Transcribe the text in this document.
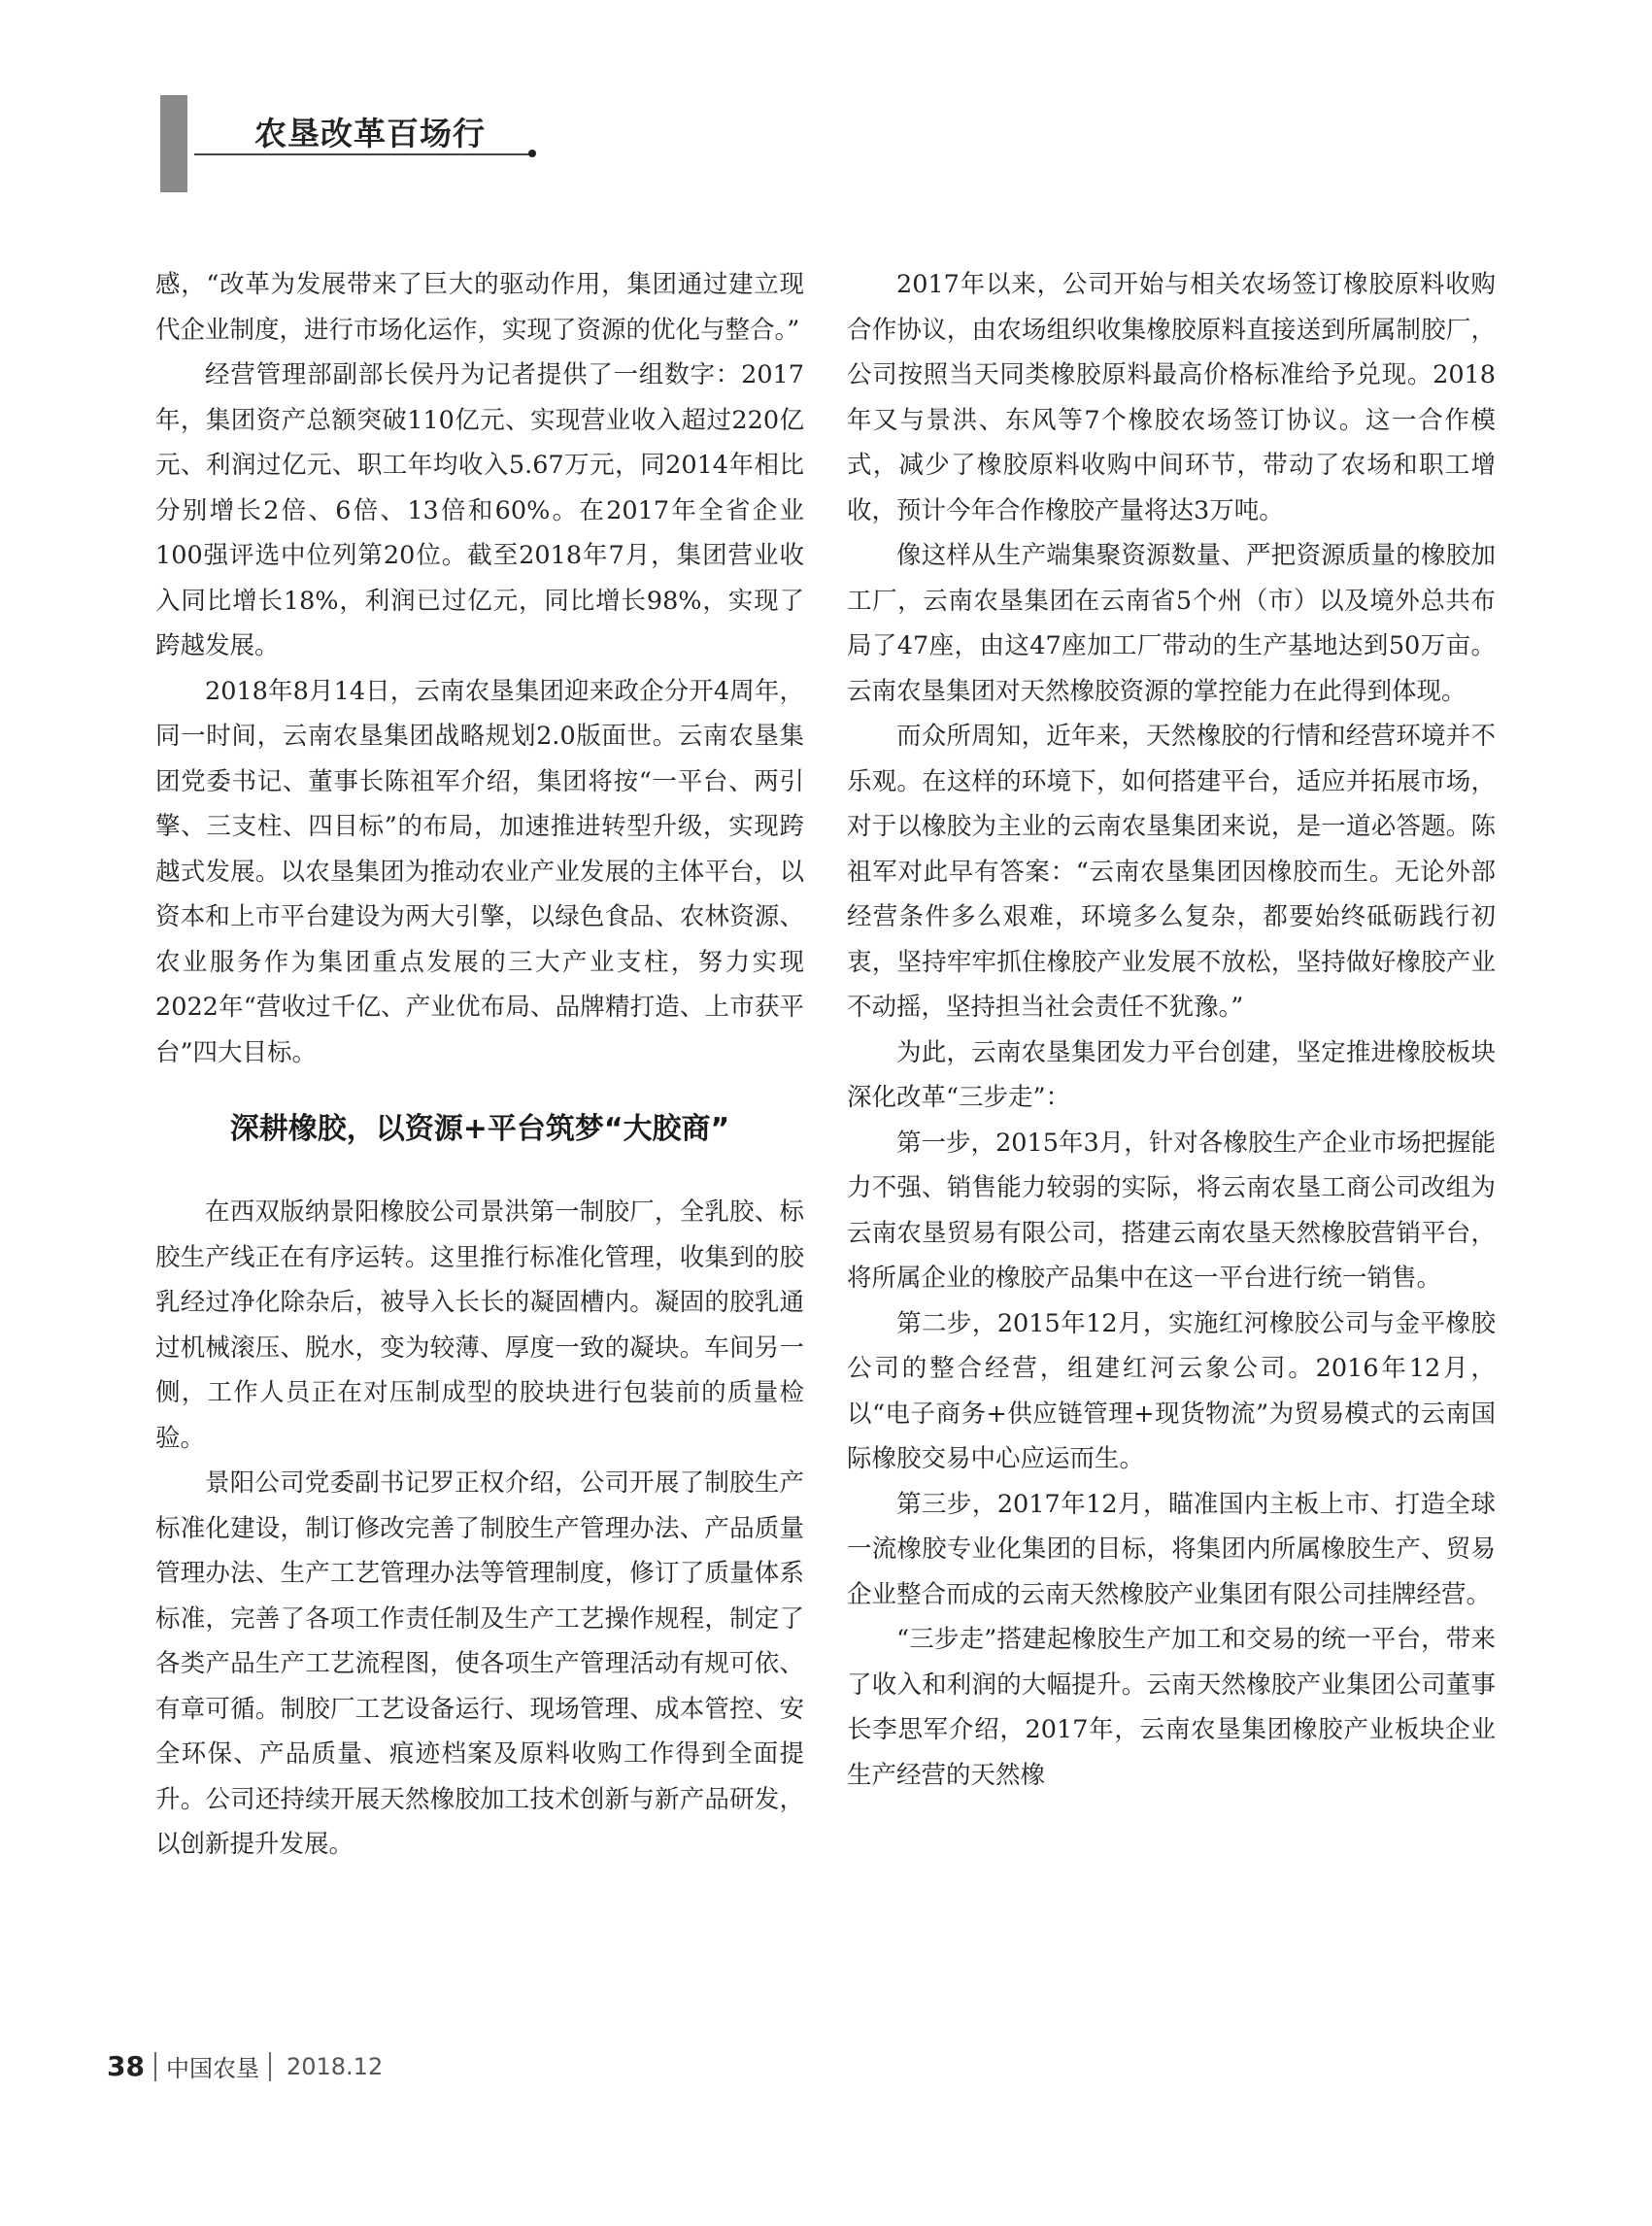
农垦改革百场行

感，“改革为发展带来了巨大的驱动作用，集团通过建立现代企业制度，进行市场化运作，实现了资源的优化与整合。”

经营管理部副部长侯丹为记者提供了一组数字：2017年，集团资产总额突破110亿元、实现营业收入超过220亿元、利润过亿元、职工年均收入5.67万元，同2014年相比分别增长2倍、6倍、13倍和60%。在2017年全省企业100强评选中位列第20位。截至2018年7月，集团营业收入同比增长18%，利润已过亿元，同比增长98%，实现了跨越发展。

2018年8月14日，云南农垦集团迎来政企分开4周年，同一时间，云南农垦集团战略规划2.0版面世。云南农垦集团党委书记、董事长陈祖军介绍，集团将按“一平台、两引擎、三支柱、四目标”的布局，加速推进转型升级，实现跨越式发展。以农垦集团为推动农业产业发展的主体平台，以资本和上市平台建设为两大引擎，以绿色食品、农林资源、农业服务作为集团重点发展的三大产业支柱，努力实现2022年“营收过千亿、产业优布局、品牌精打造、上市获平台”四大目标。

深耕橡胶，以资源+平台筑梦“大胶商”

在西双版纳景阳橡胶公司景洪第一制胶厂，全乳胶、标胶生产线正在有序运转。这里推行标准化管理，收集到的胶乳经过净化除杂后，被导入长长的凝固槽内。凝固的胶乳通过机械滚压、脱水，变为较薄、厚度一致的凝块。车间另一侧，工作人员正在对压制成型的胶块进行包装前的质量检验。

景阳公司党委副书记罗正权介绍，公司开展了制胶生产标准化建设，制订修改完善了制胶生产管理办法、产品质量管理办法、生产工艺管理办法等管理制度，修订了质量体系标准，完善了各项工作责任制及生产工艺操作规程，制定了各类产品生产工艺流程图，使各项生产管理活动有规可依、有章可循。制胶厂工艺设备运行、现场管理、成本管控、安全环保、产品质量、痕迹档案及原料收购工作得到全面提升。公司还持续开展天然橡胶加工技术创新与新产品研发，以创新提升发展。

2017年以来，公司开始与相关农场签订橡胶原料收购合作协议，由农场组织收集橡胶原料直接送到所属制胶厂，公司按照当天同类橡胶原料最高价格标准给予兑现。2018年又与景洪、东风等7个橡胶农场签订协议。这一合作模式，减少了橡胶原料收购中间环节，带动了农场和职工增收，预计今年合作橡胶产量将达3万吨。

像这样从生产端集聚资源数量、严把资源质量的橡胶加工厂，云南农垦集团在云南省5个州（市）以及境外总共布局了47座，由这47座加工厂带动的生产基地达到50万亩。云南农垦集团对天然橡胶资源的掌控能力在此得到体现。

而众所周知，近年来，天然橡胶的行情和经营环境并不乐观。在这样的环境下，如何搭建平台，适应并拓展市场，对于以橡胶为主业的云南农垦集团来说，是一道必答题。陈祖军对此早有答案：“云南农垦集团因橡胶而生。无论外部经营条件多么艰难，环境多么复杂，都要始终砥砺践行初衷，坚持牢牢抓住橡胶产业发展不放松，坚持做好橡胶产业不动摇，坚持担当社会责任不犹豫。”

为此，云南农垦集团发力平台创建，坚定推进橡胶板块深化改革“三步走”：

第一步，2015年3月，针对各橡胶生产企业市场把握能力不强、销售能力较弱的实际，将云南农垦工商公司改组为云南农垦贸易有限公司，搭建云南农垦天然橡胶营销平台，将所属企业的橡胶产品集中在这一平台进行统一销售。

第二步，2015年12月，实施红河橡胶公司与金平橡胶公司的整合经营，组建红河云象公司。2016年12月，以“电子商务+供应链管理+现货物流”为贸易模式的云南国际橡胶交易中心应运而生。

第三步，2017年12月，瞄准国内主板上市、打造全球一流橡胶专业化集团的目标，将集团内所属橡胶生产、贸易企业整合而成的云南天然橡胶产业集团有限公司挂牌经营。

“三步走”搭建起橡胶生产加工和交易的统一平台，带来了收入和利润的大幅提升。云南天然橡胶产业集团公司董事长李思军介绍，2017年，云南农垦集团橡胶产业板块企业生产经营的天然橡

38 中国农垦 2018.12
